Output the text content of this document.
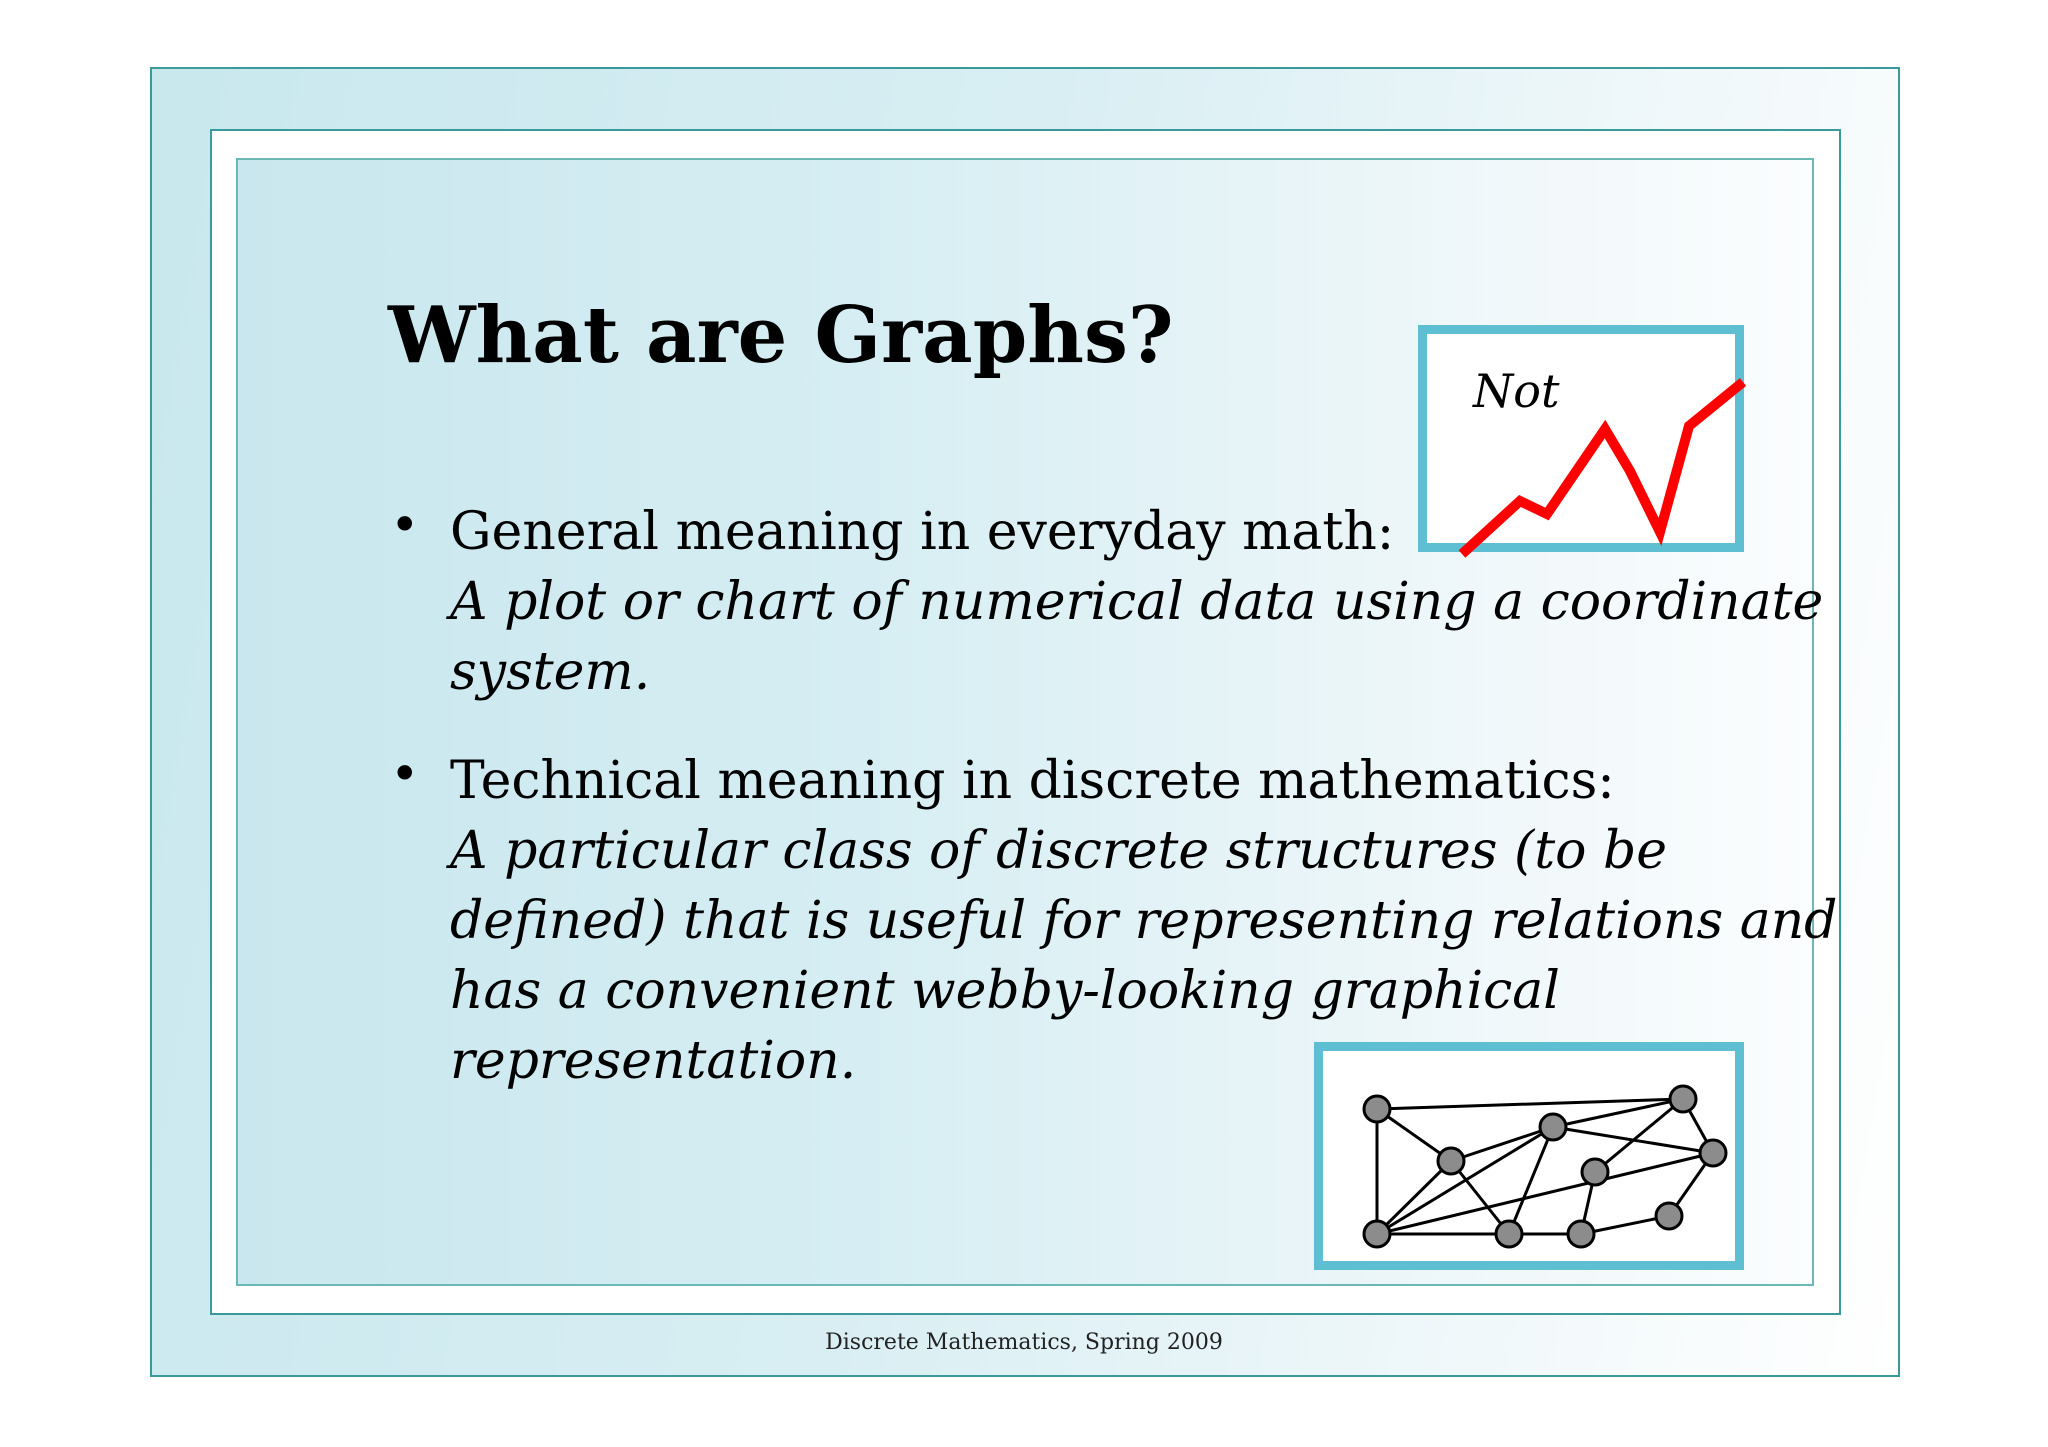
What are Graphs?
• General meaning in everyday math:
A plot or chart of numerical data using a coordinate
system.
• Technical meaning in discrete mathematics:
A particular class of discrete structures (to be
defined) that is useful for representing relations and
has a convenient webby-looking graphical
representation.
Not
Discrete Mathematics, Spring 2009
